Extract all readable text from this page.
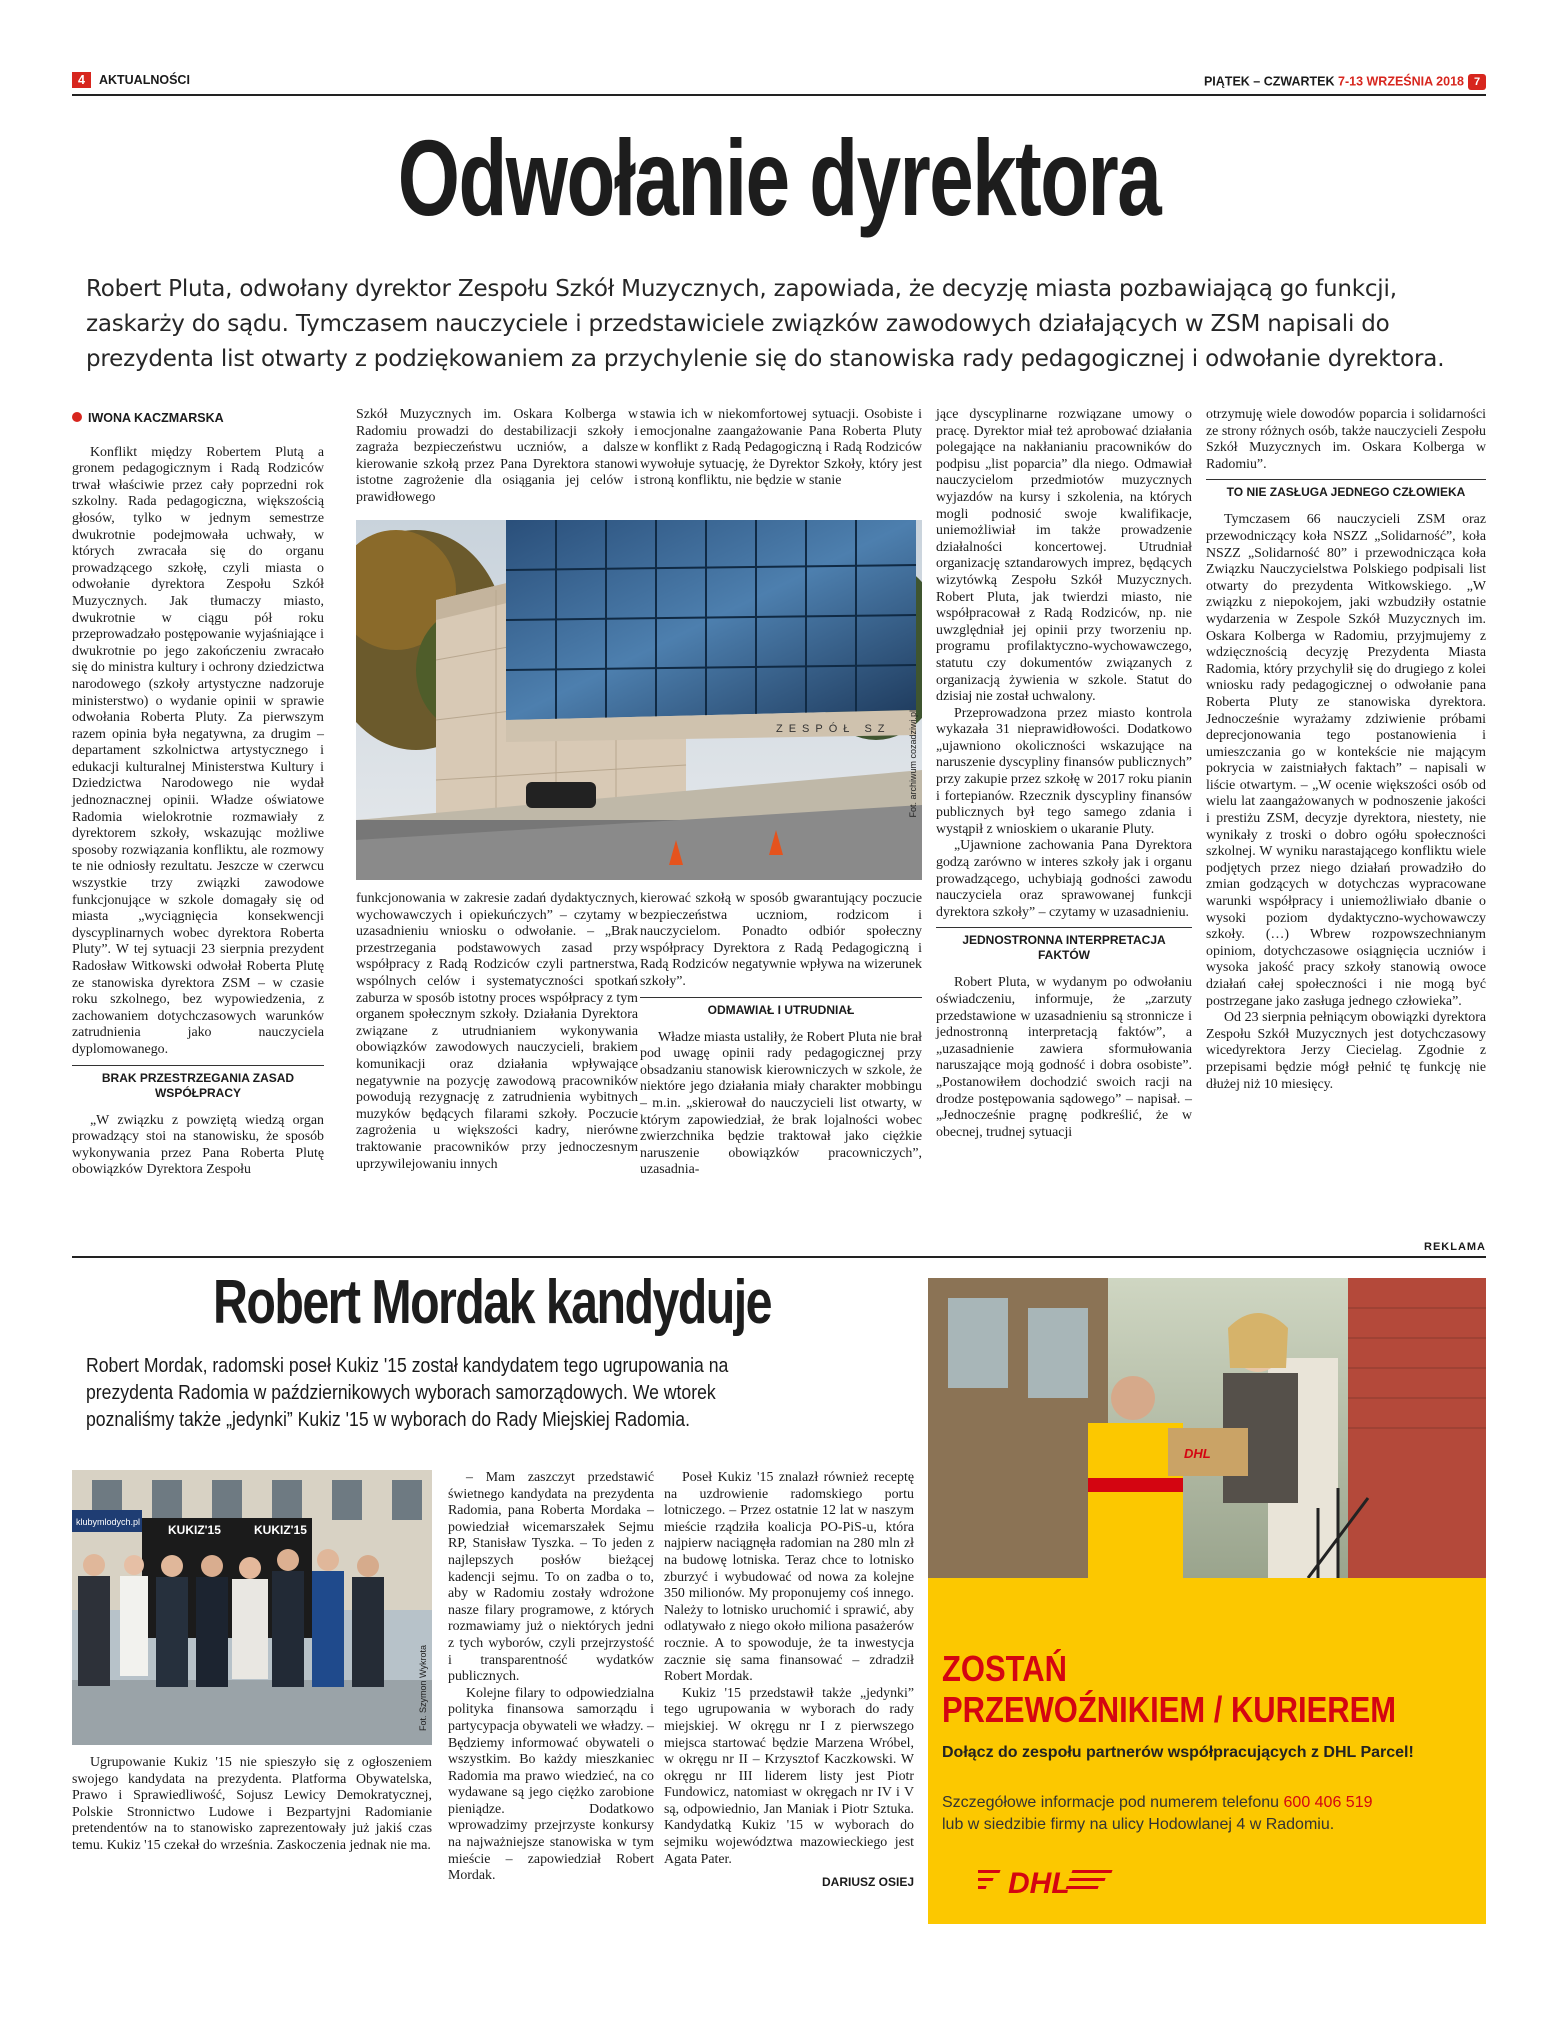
4 AKTUALNOŚCI	PIĄTEK – CZWARTEK 7-13 WRZEŚNIA 2018 7
Odwołanie dyrektora
Robert Pluta, odwołany dyrektor Zespołu Szkół Muzycznych, zapowiada, że decyzję miasta pozbawiającą go funkcji, zaskarży do sądu. Tymczasem nauczyciele i przedstawiciele związków zawodowych działających w ZSM napisali do prezydenta list otwarty z podziękowaniem za przychylenie się do stanowiska rady pedagogicznej i odwołanie dyrektora.
IWONA KACZMARSKA

Konflikt między Robertem Plutą a gronem pedagogicznym i Radą Rodziców trwał właściwie przez cały poprzedni rok szkolny. Rada pedagogiczna, większością głosów, tylko w jednym semestrze dwukrotnie podejmowała uchwały, w których zwracała się do organu prowadzącego szkołę, czyli miasta o odwołanie dyrektora Zespołu Szkół Muzycznych. Jak tłumaczy miasto, dwukrotnie w ciągu pół roku przeprowadzało postępowanie wyjaśniające i dwukrotnie po jego zakończeniu zwracało się do ministra kultury i ochrony dziedzictwa narodowego (szkoły artystyczne nadzoruje ministerstwo) o wydanie opinii w sprawie odwołania Roberta Pluty. Za pierwszym razem opinia była negatywna, za drugim – departament szkolnictwa artystycznego i edukacji kulturalnej Ministerstwa Kultury i Dziedzictwa Narodowego nie wydał jednoznacznej opinii. Władze oświatowe Radomia wielokrotnie rozmawiały z dyrektorem szkoły, wskazując możliwe sposoby rozwiązania konfliktu, ale rozmowy te nie odniosły rezultatu. Jeszcze w czerwcu wszystkie trzy związki zawodowe funkcjonujące w szkole domagały się od miasta „wyciągnięcia konsekwencji dyscyplinarnych wobec dyrektora Roberta Pluty”. W tej sytuacji 23 sierpnia prezydent Radosław Witkowski odwołał Roberta Plutę ze stanowiska dyrektora ZSM – w czasie roku szkolnego, bez wypowiedzenia, z zachowaniem dotychczasowych warunków zatrudnienia jako nauczyciela dyplomowanego.

BRAK PRZESTRZEGANIA ZASAD WSPÓŁPRACY

„W związku z powziętą wiedzą organ prowadzący stoi na stanowisku, że sposób wykonywania przez Pana Roberta Plutę obowiązków Dyrektora Zespołu

Szkół Muzycznych im. Oskara Kolberga w Radomiu prowadzi do destabilizacji szkoły i zagraża bezpieczeństwu uczniów, a dalsze kierowanie szkołą przez Pana Dyrektora stanowi istotne zagrożenie dla osiągania jej celów i prawidłowego

stawia ich w niekomfortowej sytuacji. Osobiste i emocjonalne zaangażowanie Pana Roberta Pluty w konflikt z Radą Pedagogiczną i Radą Rodziców wywołuje sytuację, że Dyrektor Szkoły, który jest stroną konfliktu, nie będzie w stanie

ZESPÓŁ SZ Fot. archiwum cozadziwi.pl

funkcjonowania w zakresie zadań dydaktycznych, wychowawczych i opiekuńczych” – czytamy w uzasadnieniu wniosku o odwołanie. – „Brak przestrzegania podstawowych zasad przy współpracy z Radą Rodziców czyli partnerstwa, wspólnych celów i systematyczności spotkań zaburza w sposób istotny proces współpracy z tym organem społecznym szkoły. Działania Dyrektora związane z utrudnianiem wykonywania obowiązków zawodowych nauczycieli, brakiem komunikacji oraz działania wpływające negatywnie na pozycję zawodową pracowników powodują rezygnację z zatrudnienia wybitnych muzyków będących filarami szkoły. Poczucie zagrożenia u większości kadry, nierówne traktowanie pracowników przy jednoczesnym uprzywilejowaniu innych

kierować szkołą w sposób gwarantujący poczucie bezpieczeństwa uczniom, rodzicom i nauczycielom. Ponadto odbiór społeczny współpracy Dyrektora z Radą Pedagogiczną i Radą Rodziców negatywnie wpływa na wizerunek szkoły”.

ODMAWIAŁ I UTRUDNIAŁ

Władze miasta ustaliły, że Robert Pluta nie brał pod uwagę opinii rady pedagogicznej przy obsadzaniu stanowisk kierowniczych w szkole, że niektóre jego działania miały charakter mobbingu – m.in. „skierował do nauczycieli list otwarty, w którym zapowiedział, że brak lojalności wobec zwierzchnika będzie traktował jako ciężkie naruszenie obowiązków pracowniczych”, uzasadnia-

jące dyscyplinarne rozwiązane umowy o pracę. Dyrektor miał też aprobować działania polegające na nakłanianiu pracowników do podpisu „list poparcia” dla niego. Odmawiał nauczycielom przedmiotów muzycznych wyjazdów na kursy i szkolenia, na których mogli podnosić swoje kwalifikacje, uniemożliwiał im także prowadzenie działalności koncertowej. Utrudniał organizację sztandarowych imprez, będących wizytówką Zespołu Szkół Muzycznych. Robert Pluta, jak twierdzi miasto, nie współpracował z Radą Rodziców, np. nie uwzględniał jej opinii przy tworzeniu np. programu profilaktyczno-wychowawczego, statutu czy dokumentów związanych z organizacją żywienia w szkole. Statut do dzisiaj nie został uchwalony.

Przeprowadzona przez miasto kontrola wykazała 31 nieprawidłowości. Dodatkowo „ujawniono okoliczności wskazujące na naruszenie dyscypliny finansów publicznych” przy zakupie przez szkołę w 2017 roku pianin i fortepianów. Rzecznik dyscypliny finansów publicznych był tego samego zdania i wystąpił z wnioskiem o ukaranie Pluty.

„Ujawnione zachowania Pana Dyrektora godzą zarówno w interes szkoły jak i organu prowadzącego, uchybiają godności zawodu nauczyciela oraz sprawowanej funkcji dyrektora szkoły” – czytamy w uzasadnieniu.

JEDNOSTRONNA INTERPRETACJA FAKTÓW

Robert Pluta, w wydanym po odwołaniu oświadczeniu, informuje, że „zarzuty przedstawione w uzasadnieniu są stronnicze i jednostronną interpretacją faktów”, a „uzasadnienie zawiera sformułowania naruszające moją godność i dobra osobiste”. „Postanowiłem dochodzić swoich racji na drodze postępowania sądowego” – napisał. – „Jednocześnie pragnę podkreślić, że w obecnej, trudnej sytuacji

otrzymuję wiele dowodów poparcia i solidarności ze strony różnych osób, także nauczycieli Zespołu Szkół Muzycznych im. Oskara Kolberga w Radomiu”.

TO NIE ZASŁUGA JEDNEGO CZŁOWIEKA

Tymczasem 66 nauczycieli ZSM oraz przewodniczący koła NSZZ „Solidarność”, koła NSZZ „Solidarność 80” i przewodnicząca koła Związku Nauczycielstwa Polskiego podpisali list otwarty do prezydenta Witkowskiego. „W związku z niepokojem, jaki wzbudziły ostatnie wydarzenia w Zespole Szkół Muzycznych im. Oskara Kolberga w Radomiu, przyjmujemy z wdzięcznością decyzję Prezydenta Miasta Radomia, który przychylił się do drugiego z kolei wniosku rady pedagogicznej o odwołanie pana Roberta Pluty ze stanowiska dyrektora. Jednocześnie wyrażamy zdziwienie próbami deprecjonowania tego postanowienia i umieszczania go w kontekście nie mającym pokrycia w zaistniałych faktach” – napisali w liście otwartym. – „W ocenie większości osób od wielu lat zaangażowanych w podnoszenie jakości i prestiżu ZSM, decyzje dyrektora, niestety, nie wynikały z troski o dobro ogółu społeczności szkolnej. W wyniku narastającego konfliktu wiele podjętych przez niego działań prowadziło do zmian godzących w dotychczas wypracowane warunki współpracy i uniemożliwiało dbanie o wysoki poziom dydaktyczno-wychowawczy szkoły. (…) Wbrew rozpowszechnianym opiniom, dotychczasowe osiągnięcia uczniów i wysoka jakość pracy szkoły stanowią owoce działań całej społeczności i nie mogą być postrzegane jako zasługa jednego człowieka”.

Od 23 sierpnia pełniącym obowiązki dyrektora Zespołu Szkół Muzycznych jest dotychczasowy wicedyrektora Jerzy Ciecielag. Zgodnie z przepisami będzie mógł pełnić tę funkcję nie dłużej niż 10 miesięcy.

REKLAMA
Robert Mordak kandyduje
Robert Mordak, radomski poseł Kukiz '15 został kandydatem tego ugrupowania na prezydenta Radomia w październikowych wyborach samorządowych. We wtorek poznaliśmy także „jedynki” Kukiz '15 w wyborach do Rady Miejskiej Radomia.
klubymlodych.pl
KUKIZ'15	KUKIZ'15
Fot. Szymon Wykrota

Ugrupowanie Kukiz '15 nie spieszyło się z ogłoszeniem swojego kandydata na prezydenta. Platforma Obywatelska, Prawo i Sprawiedliwość, Sojusz Lewicy Demokratycznej, Polskie Stronnictwo Ludowe i Bezpartyjni Radomianie pretendentów na to stanowisko zaprezentowały już jakiś czas temu. Kukiz '15 czekał do września. Zaskoczenia jednak nie ma.

– Mam zaszczyt przedstawić świetnego kandydata na prezydenta Radomia, pana Roberta Mordaka – powiedział wicemarszałek Sejmu RP, Stanisław Tyszka. – To jeden z najlepszych posłów bieżącej kadencji sejmu. To on zadba o to, aby w Radomiu zostały wdrożone nasze filary programowe, z których rozmawiamy już o niektórych jedni z tych wyborów, czyli przejrzystość i transparentność wydatków publicznych.

Kolejne filary to odpowiedzialna polityka finansowa samorządu i partycypacja obywateli we władzy. – Będziemy informować obywateli o wszystkim. Bo każdy mieszkaniec Radomia ma prawo wiedzieć, na co wydawane są jego ciężko zarobione pieniądze. Dodatkowo wprowadzimy przejrzyste konkursy na najważniejsze stanowiska w tym mieście – zapowiedział Robert Mordak.

Poseł Kukiz '15 znalazł również receptę na uzdrowienie radomskiego portu lotniczego. – Przez ostatnie 12 lat w naszym mieście rządziła koalicja PO-PiS-u, która najpierw naciągnęła radomian na 280 mln zł na budowę lotniska. Teraz chce to lotnisko zburzyć i wybudować od nowa za kolejne 350 milionów. My proponujemy coś innego. Należy to lotnisko uruchomić i sprawić, aby odlatywało z niego około miliona pasażerów rocznie. A to spowoduje, że ta inwestycja zacznie się sama finansować – zdradził Robert Mordak.

Kukiz '15 przedstawił także „jedynki” tego ugrupowania w wyborach do rady miejskiej. W okręgu nr I z pierwszego miejsca startować będzie Marzena Wróbel, w okręgu nr II – Krzysztof Kaczkowski. W okręgu nr III liderem listy jest Piotr Fundowicz, natomiast w okręgach nr IV i V są, odpowiednio, Jan Maniak i Piotr Sztuka. Kandydatką Kukiz '15 w wyborach do sejmiku województwa mazowieckiego jest Agata Pater.

DARIUSZ OSIEJ
DHL
ZOSTAŃ
PRZEWOŹNIKIEM / KURIEREM
Dołącz do zespołu partnerów współpracujących z DHL Parcel!
Szczegółowe informacje pod numerem telefonu 600 406 519
lub w siedzibie firmy na ulicy Hodowlanej 4 w Radomiu.
DHL
